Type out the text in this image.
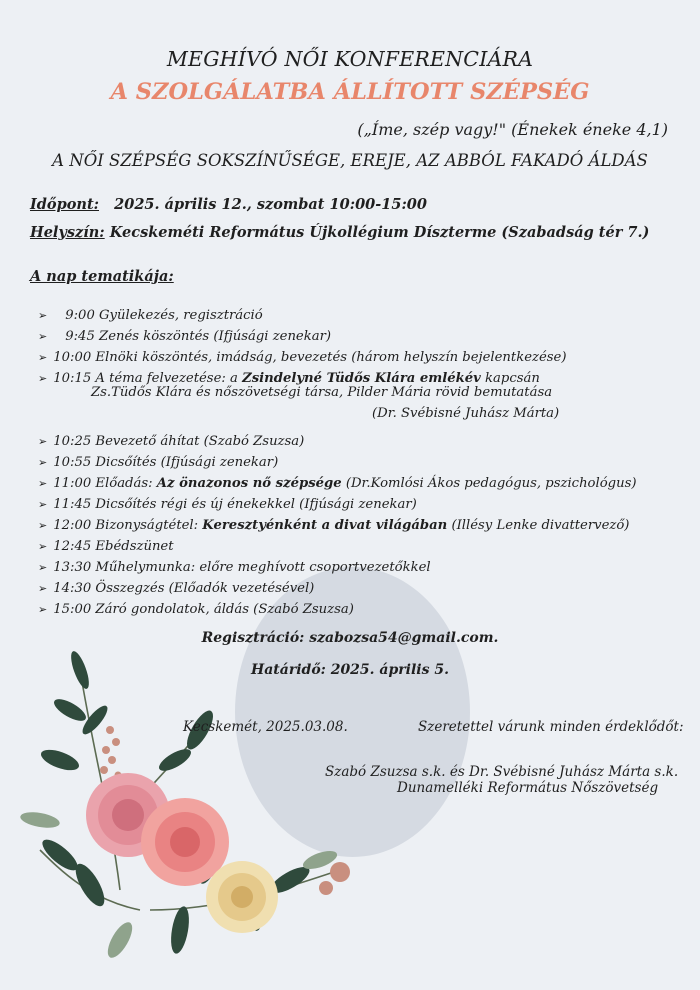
MEGHÍVÓ NŐI KONFERENCIÁRA
A SZOLGÁLATBA ÁLLÍTOTT SZÉPSÉG
(„Íme, szép vagy!" (Énekek éneke 4,1)
A NŐI SZÉPSÉG SOKSZÍNŰSÉGE, EREJE, AZ ABBÓL FAKADÓ ÁLDÁS
Időpont: 2025. április 12., szombat 10:00-15:00
Helyszín: Kecskeméti Református Újkollégium Díszterme (Szabadság tér 7.)
A nap tematikája:
➢ 9:00 Gyülekezés, regisztráció
➢ 9:45 Zenés köszöntés (Ifjúsági zenekar)
➢ 10:00 Elnöki köszöntés, imádság, bevezetés (három helyszín bejelentkezése)
➢ 10:15 A téma felvezetése: a Zsindelyné Tüdős Klára emlékév kapcsán
➢ 10:25 Bevezető áhítat (Szabó Zsuzsa)
➢ 10:55 Dicsőítés (Ifjúsági zenekar)
➢ 11:00 Előadás: Az önazonos nő szépsége (Dr.Komlósi Ákos pedagógus, pszichológus)
➢ 11:45 Dicsőítés régi és új énekekkel (Ifjúsági zenekar)
➢ 12:00 Bizonyságtétel: Keresztyénként a divat világában (Illésy Lenke divattervező)
➢ 12:45 Ebédszünet
➢ 13:30 Műhelymunka: előre meghívott csoportvezetőkkel
➢ 14:30 Összegzés (Előadók vezetésével)
➢ 15:00 Záró gondolatok, áldás (Szabó Zsuzsa)
Zs.Tüdős Klára és nőszövetségi társa, Pilder Mária rövid bemutatása
(Dr. Svébisné Juhász Márta)
Regisztráció: szabozsa54@gmail.com.
Határidő: 2025. április 5.
Kecskemét, 2025.03.08.	Szeretettel várunk minden érdeklődőt:
Szabó Zsuzsa s.k. és Dr. Svébisné Juhász Márta s.k.
Dunamelléki Református Nőszövetség
